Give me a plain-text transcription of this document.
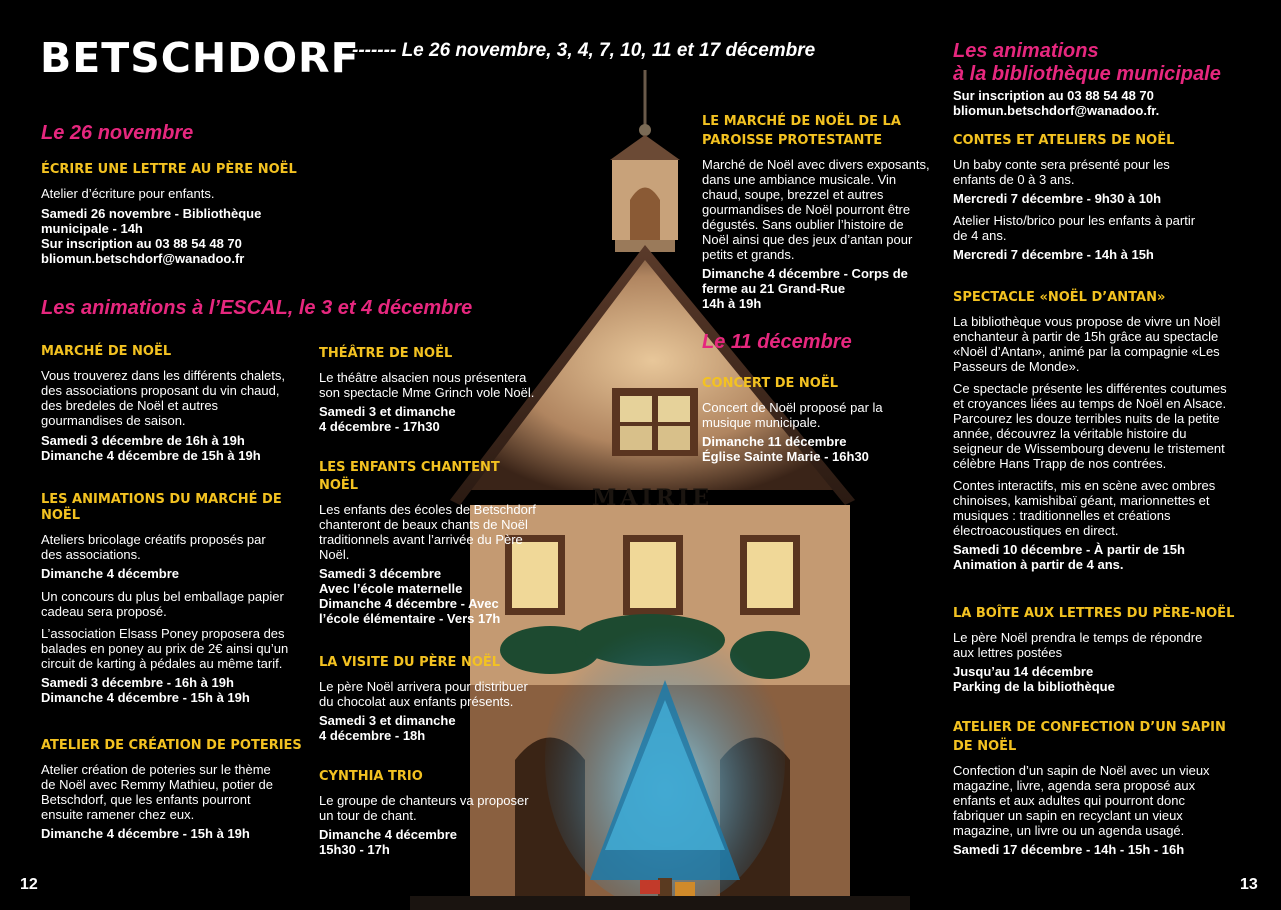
MAIRIE
BETSCHDORF
------- Le 26 novembre, 3, 4, 7, 10, 11 et 17 décembre
Le 26 novembre
ÉCRIRE UNE LETTRE AU PÈRE NOËL
Atelier d’écriture pour enfants.
Samedi 26 novembre - Bibliothèque
municipale - 14h
Sur inscription au 03 88 54 48 70
bliomun.betschdorf@wanadoo.fr
Les animations à l’ESCAL, le 3 et 4 décembre
MARCHÉ DE NOËL
Vous trouverez dans les différents chalets,
des associations proposant du vin chaud,
des bredeles de Noël et autres
gourmandises de saison.
Samedi 3 décembre de 16h à 19h
Dimanche 4 décembre de 15h à 19h
LES ANIMATIONS DU MARCHÉ DE
NOËL
Ateliers bricolage créatifs proposés par
des associations.
Dimanche 4 décembre
Un concours du plus bel emballage papier
cadeau sera proposé.
L’association Elsass Poney proposera des
balades en poney au prix de 2€ ainsi qu’un
circuit de karting à pédales au même tarif.
Samedi 3 décembre - 16h à 19h
Dimanche 4 décembre - 15h à 19h
ATELIER DE CRÉATION DE POTERIES
Atelier création de poteries sur le thème
de Noël avec Remmy Mathieu, potier de
Betschdorf, que les enfants pourront
ensuite ramener chez eux.
Dimanche 4 décembre - 15h à 19h
THÉÂTRE DE NOËL
Le théâtre alsacien nous présentera
son spectacle Mme Grinch vole Noël.
Samedi 3 et dimanche
4 décembre - 17h30
LES ENFANTS CHANTENT
NOËL
Les enfants des écoles de Betschdorf
chanteront de beaux chants de Noël
traditionnels avant l’arrivée du Père
Noël.
Samedi 3 décembre
Avec l’école maternelle
Dimanche 4 décembre - Avec
l’école élémentaire - Vers 17h
LA VISITE DU PÈRE NOËL
Le père Noël arrivera pour distribuer
du chocolat aux enfants présents.
Samedi 3 et dimanche
4 décembre - 18h
CYNTHIA TRIO
Le groupe de chanteurs va proposer
un tour de chant.
Dimanche 4 décembre
15h30 - 17h
LE MARCHÉ DE NOËL DE LA
PAROISSE PROTESTANTE
Marché de Noël avec divers exposants,
dans une ambiance musicale. Vin
chaud, soupe, brezzel et autres
gourmandises de Noël pourront être
dégustés. Sans oublier l’histoire de
Noël ainsi que des jeux d’antan pour
petits et grands.
Dimanche 4 décembre - Corps de
ferme au 21 Grand-Rue
14h à 19h
Le 11 décembre
CONCERT DE NOËL
Concert de Noël proposé par la
musique municipale.
Dimanche 11 décembre
Église Sainte Marie - 16h30
Les animations
à la bibliothèque municipale
Sur inscription au 03 88 54 48 70
bliomun.betschdorf@wanadoo.fr.
CONTES ET ATELIERS DE NOËL
Un baby conte sera présenté pour les
enfants de 0 à 3 ans.
Mercredi 7 décembre - 9h30 à 10h
Atelier Histo/brico pour les enfants à partir
de 4 ans.
Mercredi 7 décembre - 14h à 15h
SPECTACLE «NOËL D’ANTAN»
La bibliothèque vous propose de vivre un Noël
enchanteur à partir de 15h grâce au spectacle
«Noël d’Antan», animé par la compagnie «Les
Passeurs de Monde».
Ce spectacle présente les différentes coutumes
et croyances liées au temps de Noël en Alsace.
Parcourez les douze terribles nuits de la petite
année, découvrez la véritable histoire du
seigneur de Wissembourg devenu le tristement
célèbre Hans Trapp de nos contrées.
Contes interactifs, mis en scène avec ombres
chinoises, kamishibaï géant, marionnettes et
musiques : traditionnelles et créations
électroacoustiques en direct.
Samedi 10 décembre - À partir de 15h
Animation à partir de 4 ans.
LA BOÎTE AUX LETTRES DU PÈRE-NOËL
Le père Noël prendra le temps de répondre
aux lettres postées
Jusqu’au 14 décembre
Parking de la bibliothèque
ATELIER DE CONFECTION D’UN SAPIN
DE NOËL
Confection d’un sapin de Noël avec un vieux
magazine, livre, agenda sera proposé aux
enfants et aux adultes qui pourront donc
fabriquer un sapin en recyclant un vieux
magazine, un livre ou un agenda usagé.
Samedi 17 décembre - 14h - 15h - 16h
12	13
